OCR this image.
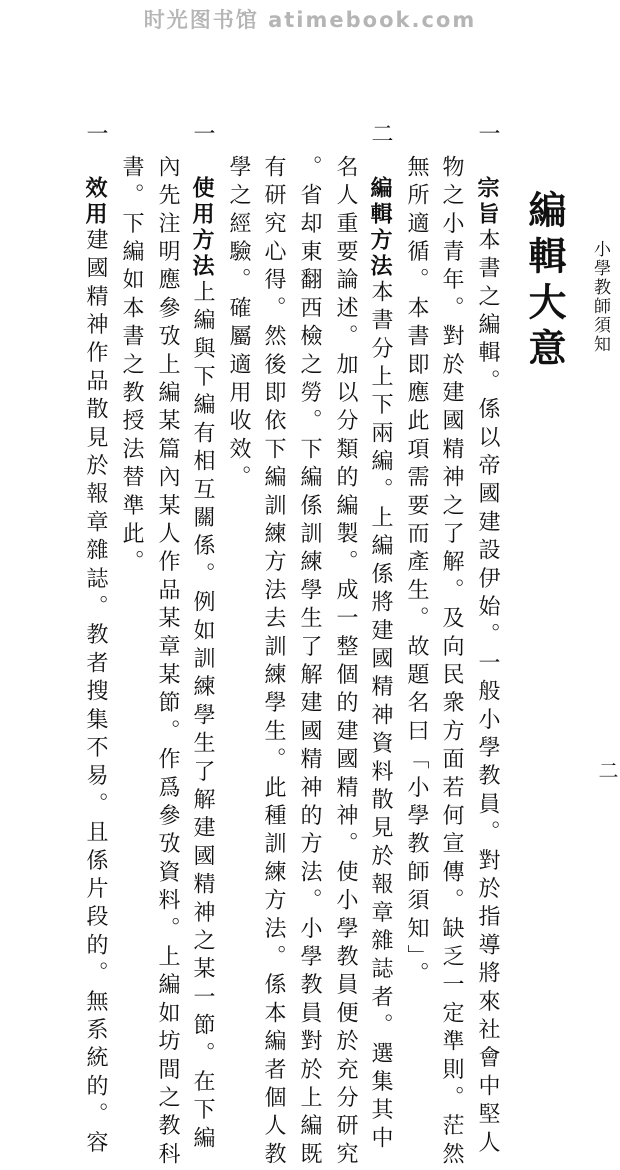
时光图书馆 atimebook.com
小學教師須知
二
編輯大意
一宗旨本書之編輯。係以帝國建設伊始。一般小學教員。對於指導將來社會中堅人
物之小青年。對於建國精神之了解。及向民衆方面若何宣傳。缺乏一定準則。茫然
無所適循。本書即應此項需要而產生。故題名曰「小學教師須知」。
二編輯方法本書分上下兩編。上編係將建國精神資料散見於報章雜誌者。選集其中
名人重要論述。加以分類的編製。成一整個的建國精神。使小學教員便於充分研究
。省却東翻西檢之勞。下編係訓練學生了解建國精神的方法。小學教員對於上編既
有研究心得。然後即依下編訓練方法去訓練學生。此種訓練方法。係本編者個人教
學之經驗。確屬適用收效。
一使用方法上編與下編有相互關係。例如訓練學生了解建國精神之某一節。在下編
內先注明應參攷上編某篇內某人作品某章某節。作爲參攷資料。上編如坊間之教科
書。下編如本書之教授法替準此。
一效用建國精神作品散見於報章雜誌。教者搜集不易。且係片段的。無系統的。容
